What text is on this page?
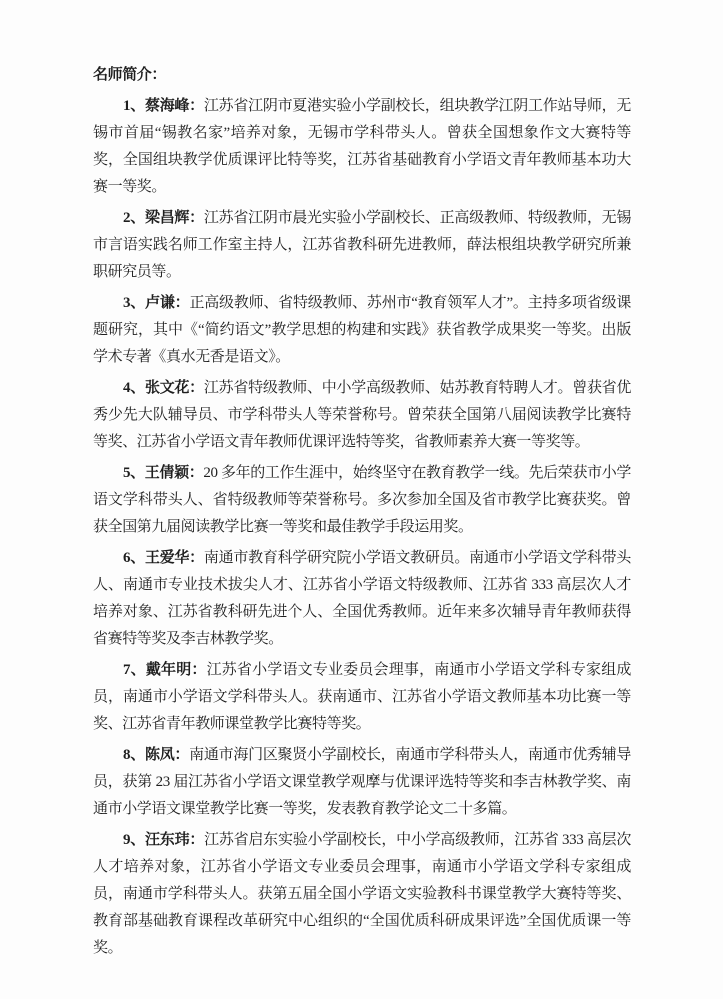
名师简介：

1、蔡海峰：江苏省江阴市夏港实验小学副校长，组块教学江阴工作站导师，无锡市首届“锡教名家”培养对象，无锡市学科带头人。曾获全国想象作文大赛特等奖，全国组块教学优质课评比特等奖，江苏省基础教育小学语文青年教师基本功大赛一等奖。

2、梁昌辉：江苏省江阴市晨光实验小学副校长、正高级教师、特级教师，无锡市言语实践名师工作室主持人，江苏省教科研先进教师，薛法根组块教学研究所兼职研究员等。

3、卢谦：正高级教师、省特级教师、苏州市“教育领军人才”。主持多项省级课题研究，其中《“简约语文”教学思想的构建和实践》获省教学成果奖一等奖。出版学术专著《真水无香是语文》。

4、张文花：江苏省特级教师、中小学高级教师、姑苏教育特聘人才。曾获省优秀少先大队辅导员、市学科带头人等荣誉称号。曾荣获全国第八届阅读教学比赛特等奖、江苏省小学语文青年教师优课评选特等奖，省教师素养大赛一等奖等。

5、王倩颖：20 多年的工作生涯中，始终坚守在教育教学一线。先后荣获市小学语文学科带头人、省特级教师等荣誉称号。多次参加全国及省市教学比赛获奖。曾获全国第九届阅读教学比赛一等奖和最佳教学手段运用奖。

6、王爱华：南通市教育科学研究院小学语文教研员。南通市小学语文学科带头人、南通市专业技术拔尖人才、江苏省小学语文特级教师、江苏省 333 高层次人才培养对象、江苏省教科研先进个人、全国优秀教师。近年来多次辅导青年教师获得省赛特等奖及李吉林教学奖。

7、戴年明：江苏省小学语文专业委员会理事，南通市小学语文学科专家组成员，南通市小学语文学科带头人。获南通市、江苏省小学语文教师基本功比赛一等奖、江苏省青年教师课堂教学比赛特等奖。

8、陈凤：南通市海门区聚贤小学副校长，南通市学科带头人，南通市优秀辅导员，获第 23 届江苏省小学语文课堂教学观摩与优课评选特等奖和李吉林教学奖、南通市小学语文课堂教学比赛一等奖，发表教育教学论文二十多篇。

9、汪东玮：江苏省启东实验小学副校长，中小学高级教师，江苏省 333 高层次人才培养对象，江苏省小学语文专业委员会理事，南通市小学语文学科专家组成员，南通市学科带头人。获第五届全国小学语文实验教科书课堂教学大赛特等奖、教育部基础教育课程改革研究中心组织的“全国优质科研成果评选”全国优质课一等奖。
